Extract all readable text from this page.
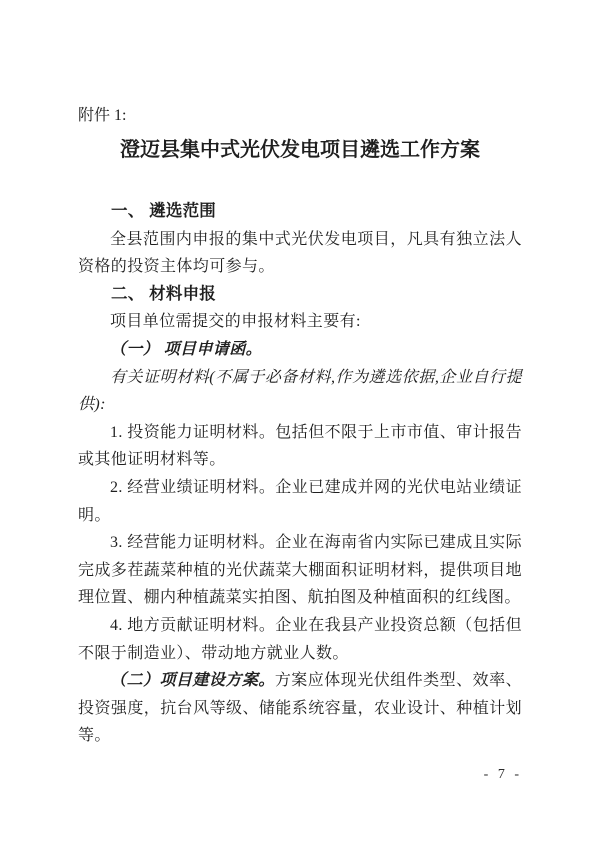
附件 1:
澄迈县集中式光伏发电项目遴选工作方案

一、 遴选范围

全县范围内申报的集中式光伏发电项目，凡具有独立法人资格的投资主体均可参与。

二、 材料申报

项目单位需提交的申报材料主要有:

（一） 项目申请函。

有关证明材料(不属于必备材料,作为遴选依据,企业自行提供):

1. 投资能力证明材料。包括但不限于上市市值、审计报告或其他证明材料等。

2. 经营业绩证明材料。企业已建成并网的光伏电站业绩证明。

3. 经营能力证明材料。企业在海南省内实际已建成且实际完成多茬蔬菜种植的光伏蔬菜大棚面积证明材料，提供项目地理位置、棚内种植蔬菜实拍图、航拍图及种植面积的红线图。

4. 地方贡献证明材料。企业在我县产业投资总额（包括但不限于制造业）、带动地方就业人数。

（二）项目建设方案。方案应体现光伏组件类型、效率、投资强度，抗台风等级、储能系统容量，农业设计、种植计划等。

- 7 -
